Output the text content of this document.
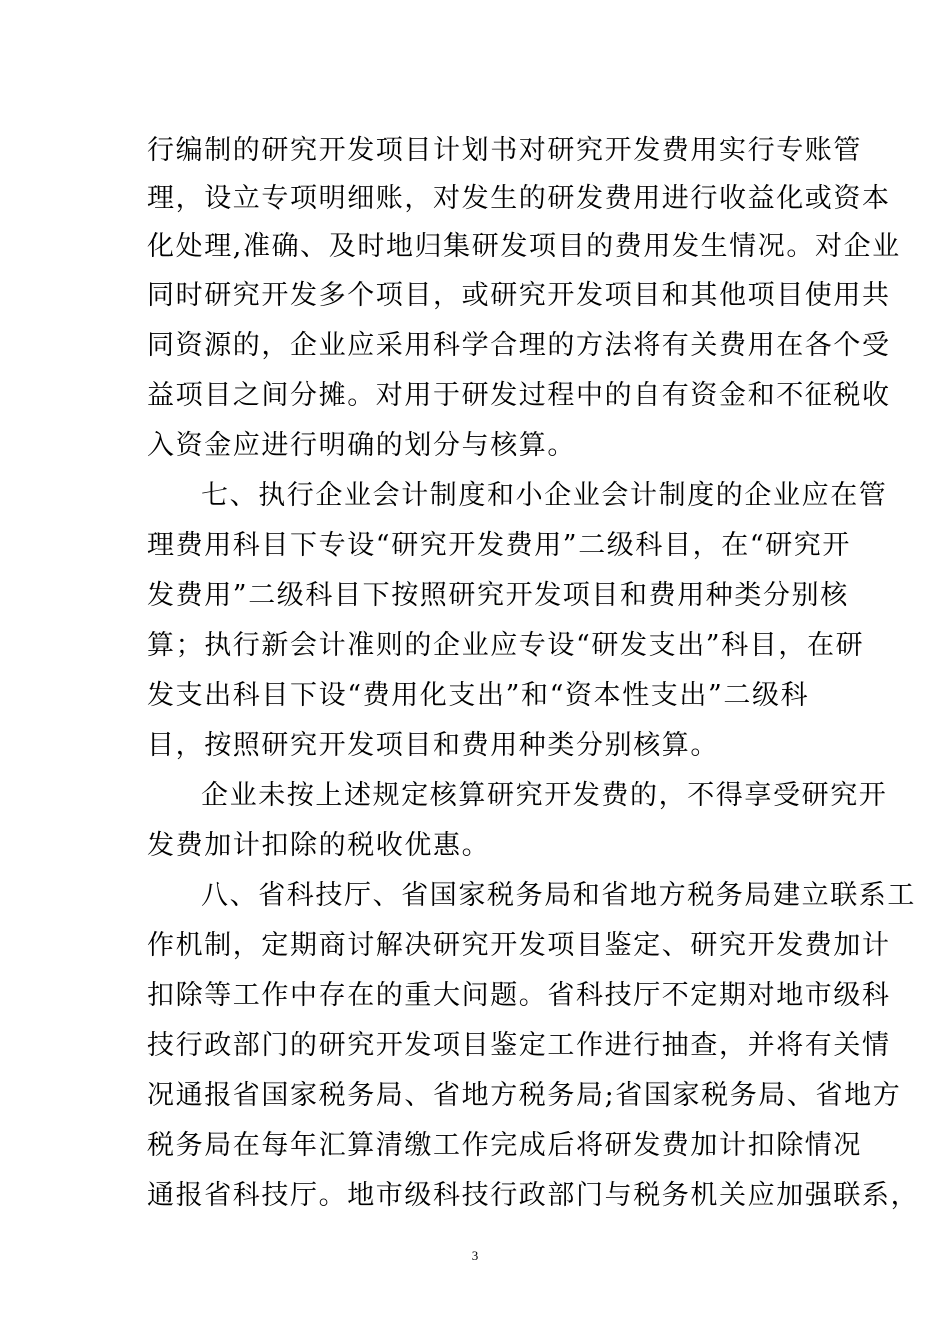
行编制的研究开发项目计划书对研究开发费用实行专账管
理，设立专项明细账，对发生的研发费用进行收益化或资本
化处理,准确、及时地归集研发项目的费用发生情况。对企业
同时研究开发多个项目，或研究开发项目和其他项目使用共
同资源的，企业应采用科学合理的方法将有关费用在各个受
益项目之间分摊。对用于研发过程中的自有资金和不征税收
入资金应进行明确的划分与核算。
七、执行企业会计制度和小企业会计制度的企业应在管
理费用科目下专设“研究开发费用”二级科目，在“研究开
发费用”二级科目下按照研究开发项目和费用种类分别核
算；执行新会计准则的企业应专设“研发支出”科目，在研
发支出科目下设“费用化支出”和“资本性支出”二级科
目，按照研究开发项目和费用种类分别核算。
企业未按上述规定核算研究开发费的，不得享受研究开
发费加计扣除的税收优惠。
八、省科技厅、省国家税务局和省地方税务局建立联系工
作机制，定期商讨解决研究开发项目鉴定、研究开发费加计
扣除等工作中存在的重大问题。省科技厅不定期对地市级科
技行政部门的研究开发项目鉴定工作进行抽查，并将有关情
况通报省国家税务局、省地方税务局;省国家税务局、省地方
税务局在每年汇算清缴工作完成后将研发费加计扣除情况
通报省科技厅。地市级科技行政部门与税务机关应加强联系，
3
